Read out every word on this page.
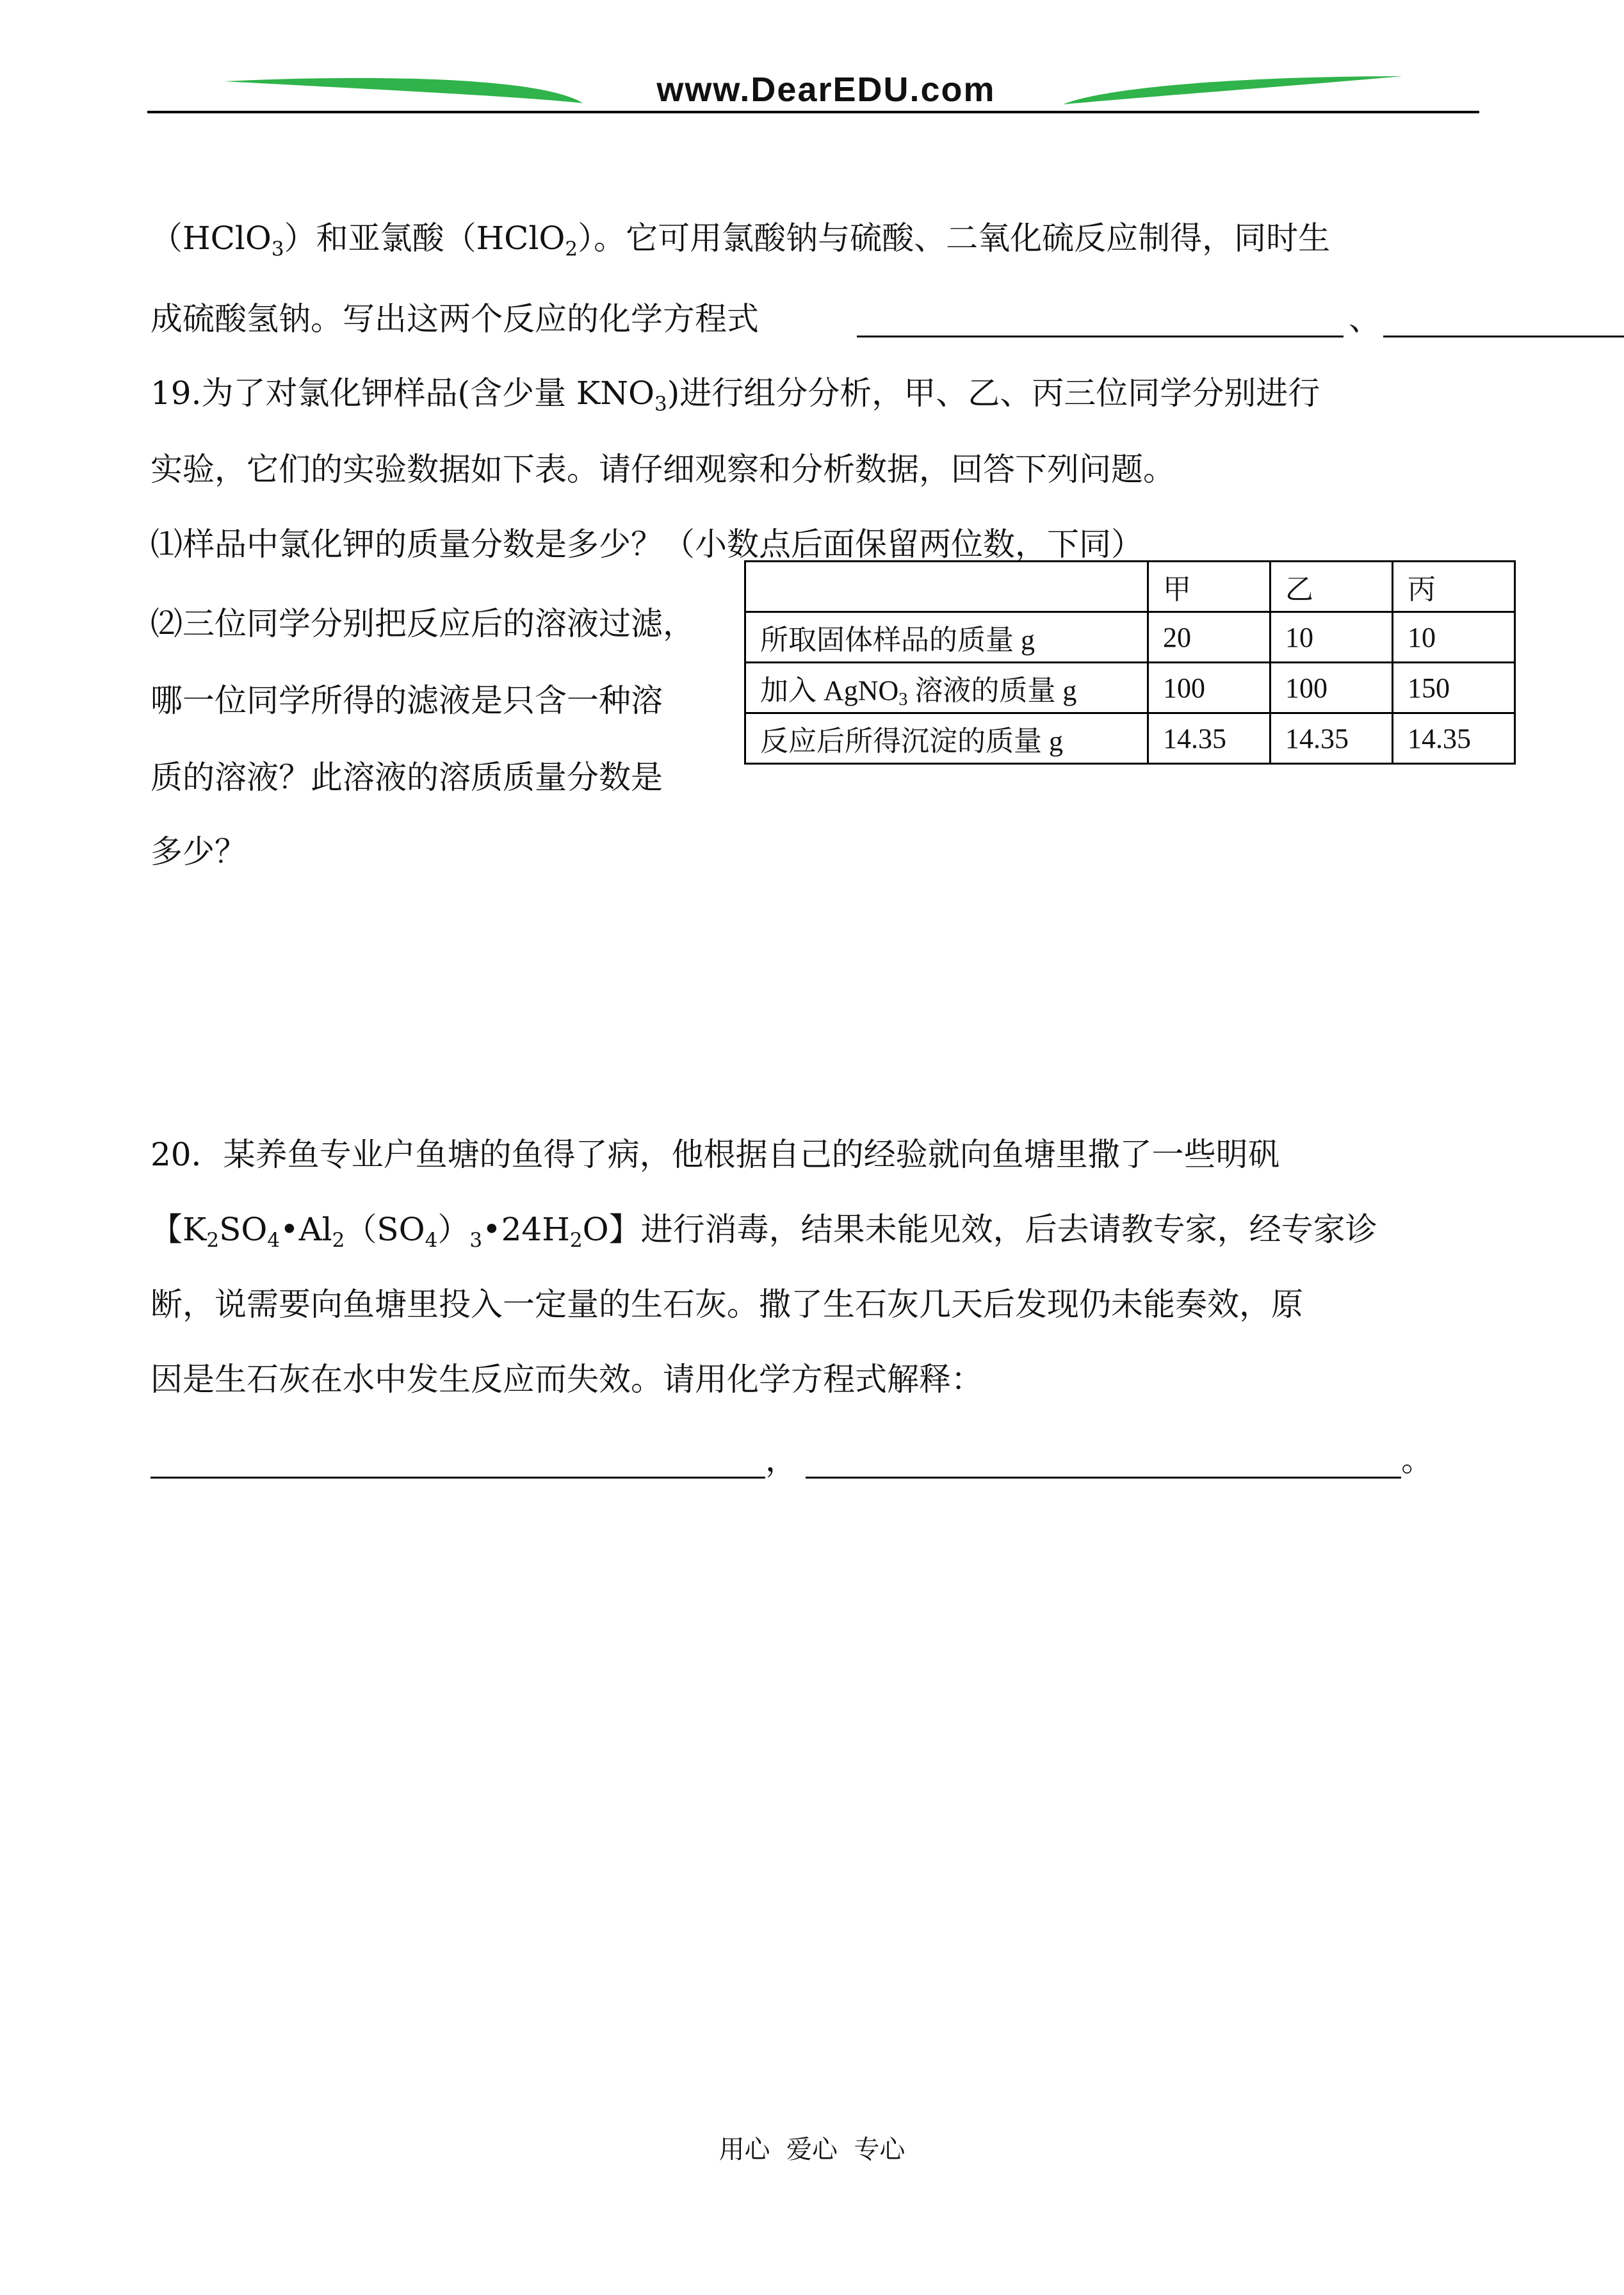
www.DearEDU.com
（HClO$_3$）和亚氯酸（HClO$_2$）。它可用氯酸钠与硫酸、二氧化硫反应制得，同时生
成硫酸氢钠。写出这两个反应的化学方程式	、
19.为了对氯化钾样品(含少量 $KNO_3$)进行组分分析，甲、乙、丙三位同学分别进行
实验，它们的实验数据如下表。请仔细观察和分析数据，回答下列问题。
⑴样品中氯化钾的质量分数是多少？（小数点后面保留两位数，下同）
⑵三位同学分别把反应后的溶液过滤，
哪一位同学所得的滤液是只含一种溶
质的溶液？此溶液的溶质质量分数是
多少？
	甲	乙	丙
所取固体样品的质量 g	20	10	10
加入 AgNO$_3$ 溶液的质量 g	100	100	150
反应后所得沉淀的质量 g	14.35	14.35	14.35
20．某养鱼专业户鱼塘的鱼得了病，他根据自己的经验就向鱼塘里撒了一些明矾
【$K_2SO_4•Al_2(SO_4)_3•24H_2O$】进行消毒，结果未能见效，后去请教专家，经专家诊
断，说需要向鱼塘里投入一定量的生石灰。撒了生石灰几天后发现仍未能奏效，原
因是生石灰在水中发生反应而失效。请用化学方程式解释：
，	。
用心  爱心  专心
